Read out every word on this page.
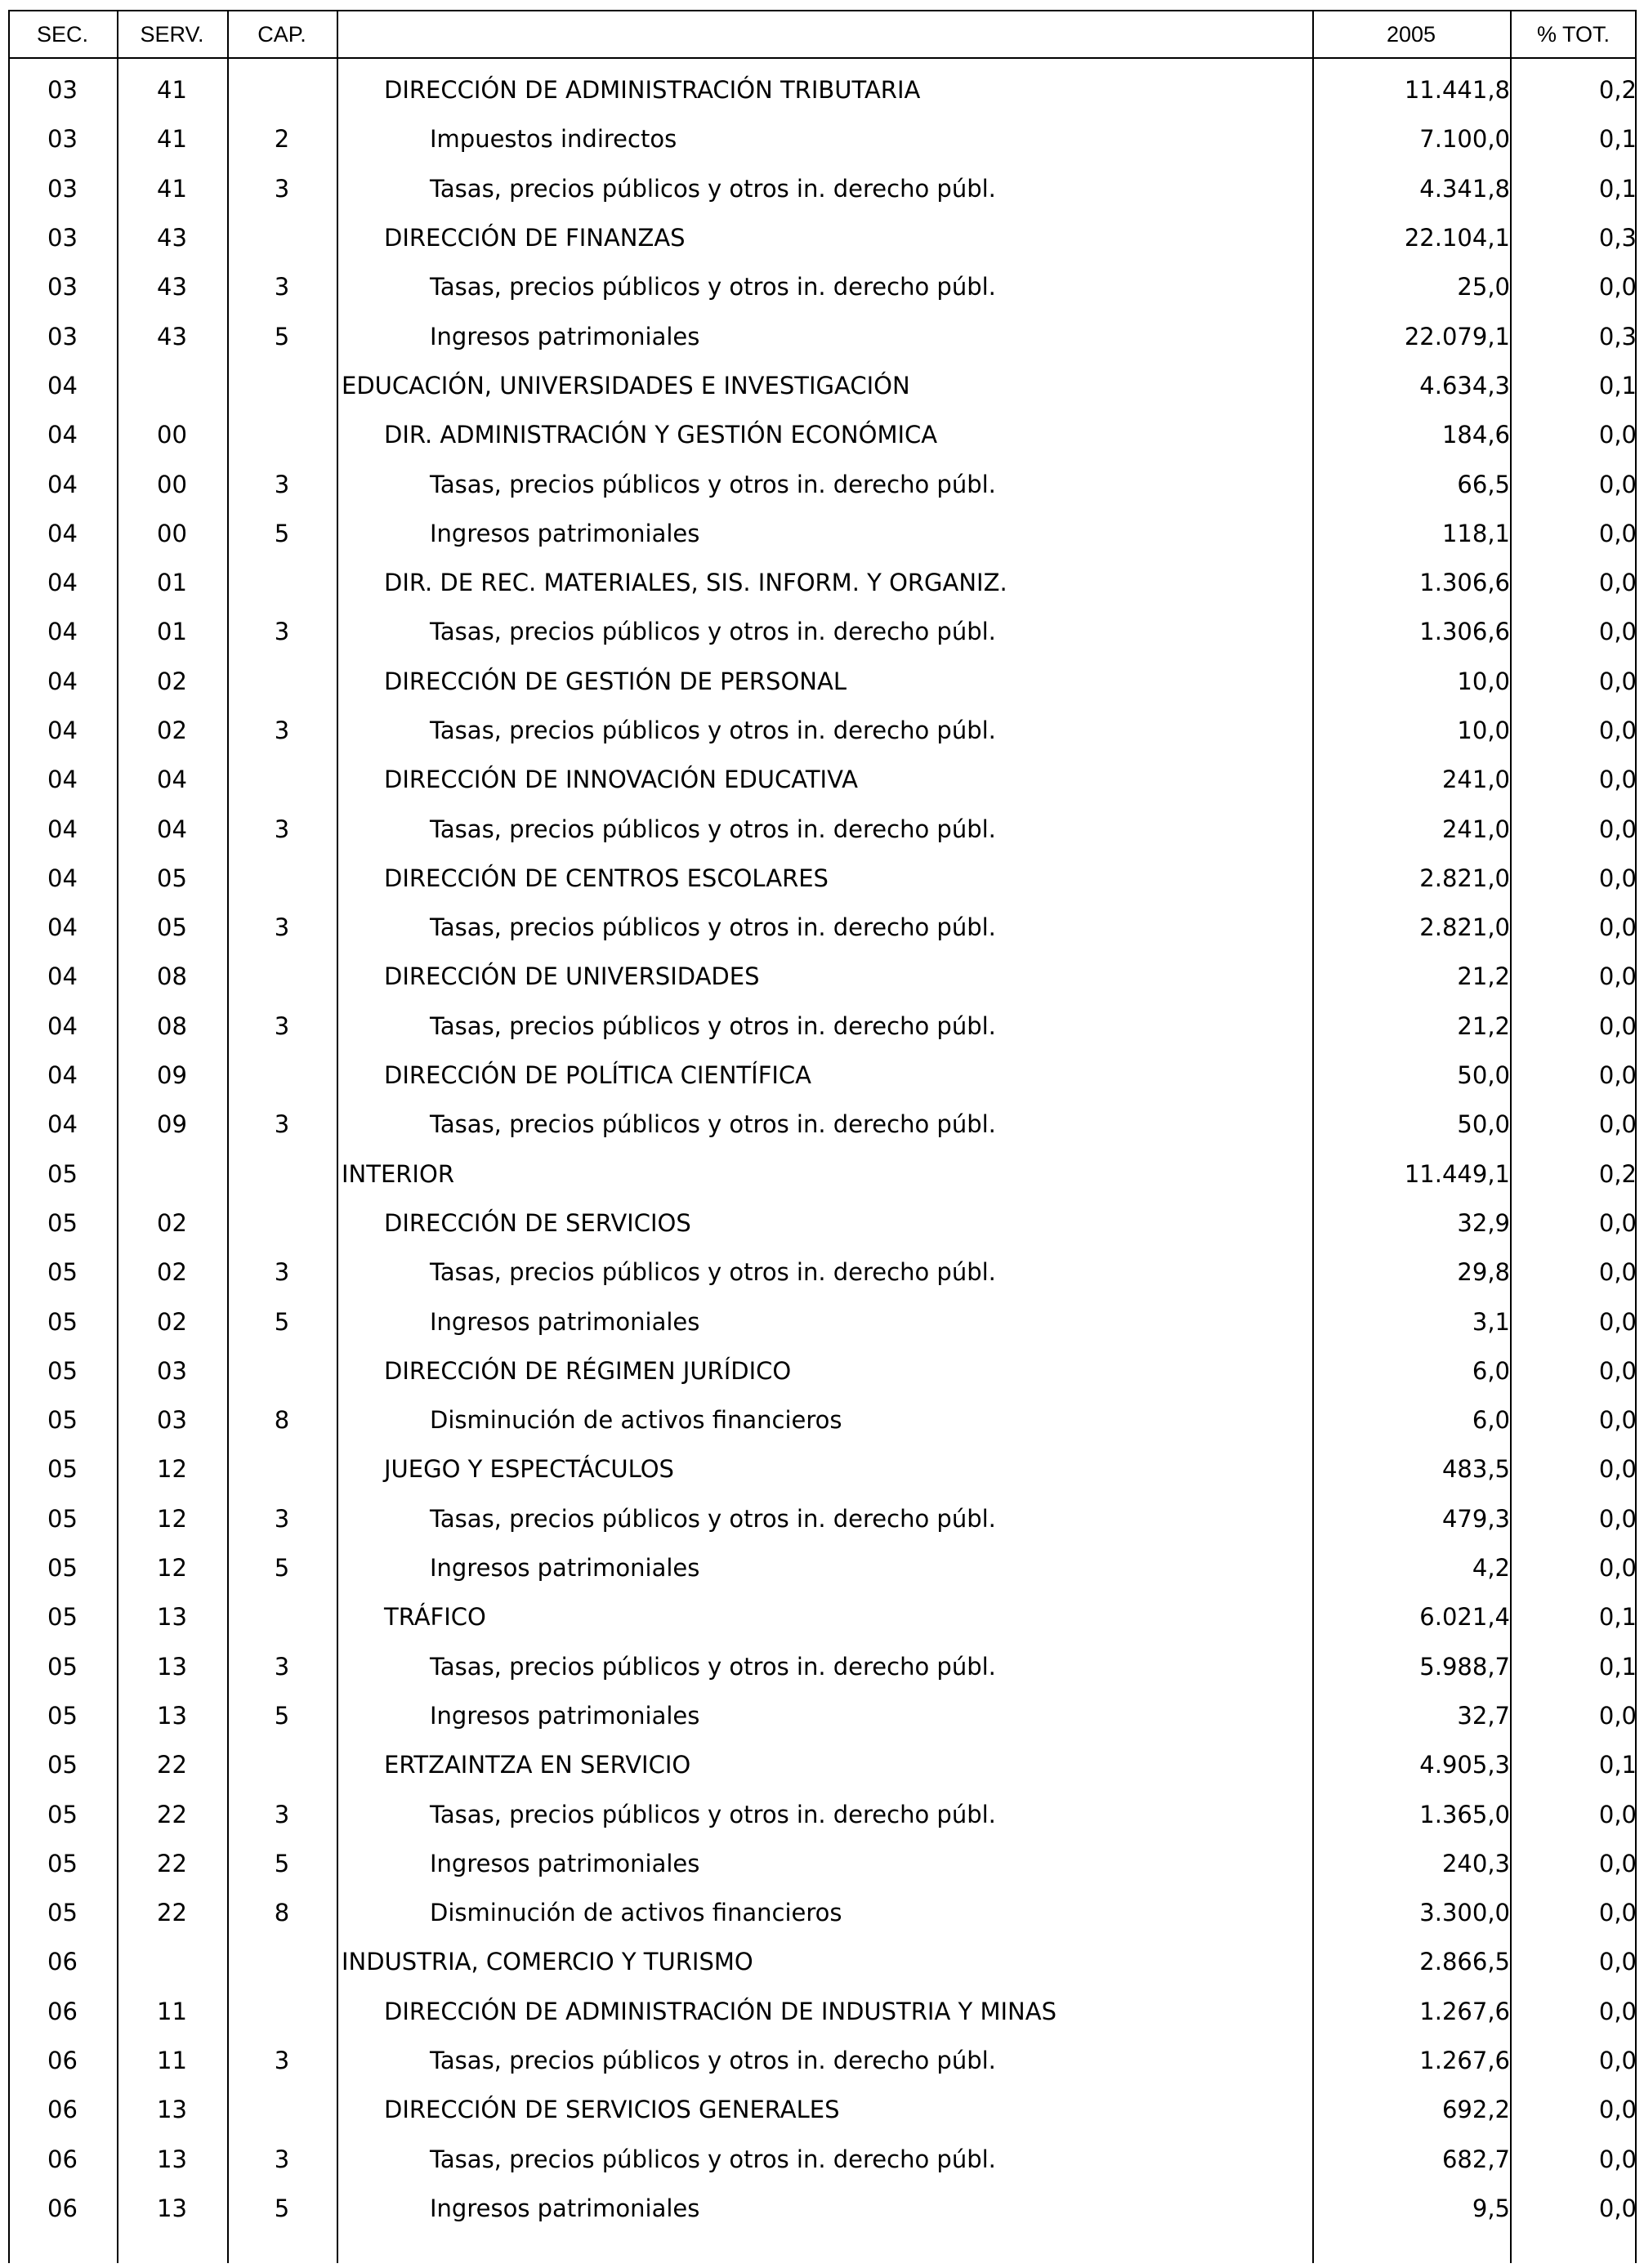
SEC.	SERV.	CAP.	2005	% TOT.
03	41		DIRECCIÓN DE ADMINISTRACIÓN TRIBUTARIA	11.441,8	0,2
03	41	2	Impuestos indirectos	7.100,0	0,1
03	41	3	Tasas, precios públicos y otros in. derecho públ.	4.341,8	0,1
03	43		DIRECCIÓN DE FINANZAS	22.104,1	0,3
03	43	3	Tasas, precios públicos y otros in. derecho públ.	25,0	0,0
03	43	5	Ingresos patrimoniales	22.079,1	0,3
04			EDUCACIÓN, UNIVERSIDADES E INVESTIGACIÓN	4.634,3	0,1
04	00		DIR. ADMINISTRACIÓN Y GESTIÓN ECONÓMICA	184,6	0,0
04	00	3	Tasas, precios públicos y otros in. derecho públ.	66,5	0,0
04	00	5	Ingresos patrimoniales	118,1	0,0
04	01		DIR. DE REC. MATERIALES, SIS. INFORM. Y ORGANIZ.	1.306,6	0,0
04	01	3	Tasas, precios públicos y otros in. derecho públ.	1.306,6	0,0
04	02		DIRECCIÓN DE GESTIÓN DE PERSONAL	10,0	0,0
04	02	3	Tasas, precios públicos y otros in. derecho públ.	10,0	0,0
04	04		DIRECCIÓN DE INNOVACIÓN EDUCATIVA	241,0	0,0
04	04	3	Tasas, precios públicos y otros in. derecho públ.	241,0	0,0
04	05		DIRECCIÓN DE CENTROS ESCOLARES	2.821,0	0,0
04	05	3	Tasas, precios públicos y otros in. derecho públ.	2.821,0	0,0
04	08		DIRECCIÓN DE UNIVERSIDADES	21,2	0,0
04	08	3	Tasas, precios públicos y otros in. derecho públ.	21,2	0,0
04	09		DIRECCIÓN DE POLÍTICA CIENTÍFICA	50,0	0,0
04	09	3	Tasas, precios públicos y otros in. derecho públ.	50,0	0,0
05			INTERIOR	11.449,1	0,2
05	02		DIRECCIÓN DE SERVICIOS	32,9	0,0
05	02	3	Tasas, precios públicos y otros in. derecho públ.	29,8	0,0
05	02	5	Ingresos patrimoniales	3,1	0,0
05	03		DIRECCIÓN DE RÉGIMEN JURÍDICO	6,0	0,0
05	03	8	Disminución de activos financieros	6,0	0,0
05	12		JUEGO Y ESPECTÁCULOS	483,5	0,0
05	12	3	Tasas, precios públicos y otros in. derecho públ.	479,3	0,0
05	12	5	Ingresos patrimoniales	4,2	0,0
05	13		TRÁFICO	6.021,4	0,1
05	13	3	Tasas, precios públicos y otros in. derecho públ.	5.988,7	0,1
05	13	5	Ingresos patrimoniales	32,7	0,0
05	22		ERTZAINTZA EN SERVICIO	4.905,3	0,1
05	22	3	Tasas, precios públicos y otros in. derecho públ.	1.365,0	0,0
05	22	5	Ingresos patrimoniales	240,3	0,0
05	22	8	Disminución de activos financieros	3.300,0	0,0
06			INDUSTRIA, COMERCIO Y TURISMO	2.866,5	0,0
06	11		DIRECCIÓN DE ADMINISTRACIÓN DE INDUSTRIA Y MINAS	1.267,6	0,0
06	11	3	Tasas, precios públicos y otros in. derecho públ.	1.267,6	0,0
06	13		DIRECCIÓN DE SERVICIOS GENERALES	692,2	0,0
06	13	3	Tasas, precios públicos y otros in. derecho públ.	682,7	0,0
06	13	5	Ingresos patrimoniales	9,5	0,0
